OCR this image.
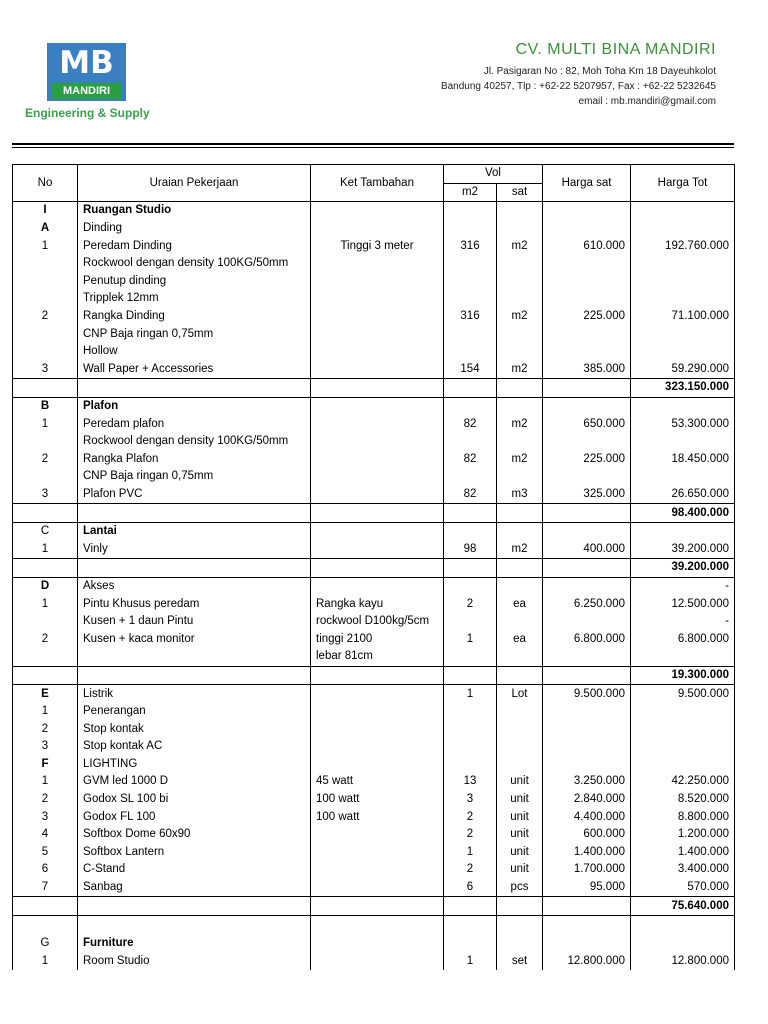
MB
MANDIRI
Engineering & Supply
CV. MULTI BINA MANDIRI
Jl. Pasigaran No : 82, Moh Toha Km 18 Dayeuhkolot
Bandung 40257, Tlp : +62-22 5207957, Fax : +62-22 5232645
email : mb.mandiri@gmail.com
No	Uraian Pekerjaan	Ket Tambahan	Vol		Harga sat	Harga Tot
			m2	sat		
I	Ruangan Studio					
A	Dinding					
1	Peredam Dinding	Tinggi 3 meter	316	m2	610.000	192.760.000
	Rockwool dengan density 100KG/50mm					
	Penutup dinding					
	Tripplek 12mm					
2	Rangka Dinding		316	m2	225.000	71.100.000
	CNP Baja ringan 0,75mm					
	Hollow					
3	Wall Paper + Accessories		154	m2	385.000	59.290.000
						323.150.000
B	Plafon					
1	Peredam plafon		82	m2	650.000	53.300.000
	Rockwool dengan density 100KG/50mm					
2	Rangka Plafon		82	m2	225.000	18.450.000
	CNP Baja ringan 0,75mm					
3	Plafon PVC		82	m3	325.000	26.650.000
						98.400.000
C	Lantai					
1	Vinly		98	m2	400.000	39.200.000
						39.200.000
D	Akses					-
1	Pintu Khusus peredam	Rangka kayu	2	ea	6.250.000	12.500.000
	Kusen + 1 daun Pintu	rockwool D100kg/5cm				-
2	Kusen + kaca monitor	tinggi 2100	1	ea	6.800.000	6.800.000
		lebar 81cm				
						19.300.000
E	Listrik		1	Lot	9.500.000	9.500.000
1	Penerangan					
2	Stop kontak					
3	Stop kontak AC					
F	LIGHTING					
1	GVM led 1000 D	45 watt	13	unit	3.250.000	42.250.000
2	Godox SL 100 bi	100 watt	3	unit	2.840.000	8.520.000
3	Godox FL 100	100 watt	2	unit	4.400.000	8.800.000
4	Softbox Dome 60x90		2	unit	600.000	1.200.000
5	Softbox Lantern		1	unit	1.400.000	1.400.000
6	C-Stand		2	unit	1.700.000	3.400.000
7	Sanbag		6	pcs	95.000	570.000
						75.640.000

G	Furniture					
1	Room Studio		1	set	12.800.000	12.800.000
